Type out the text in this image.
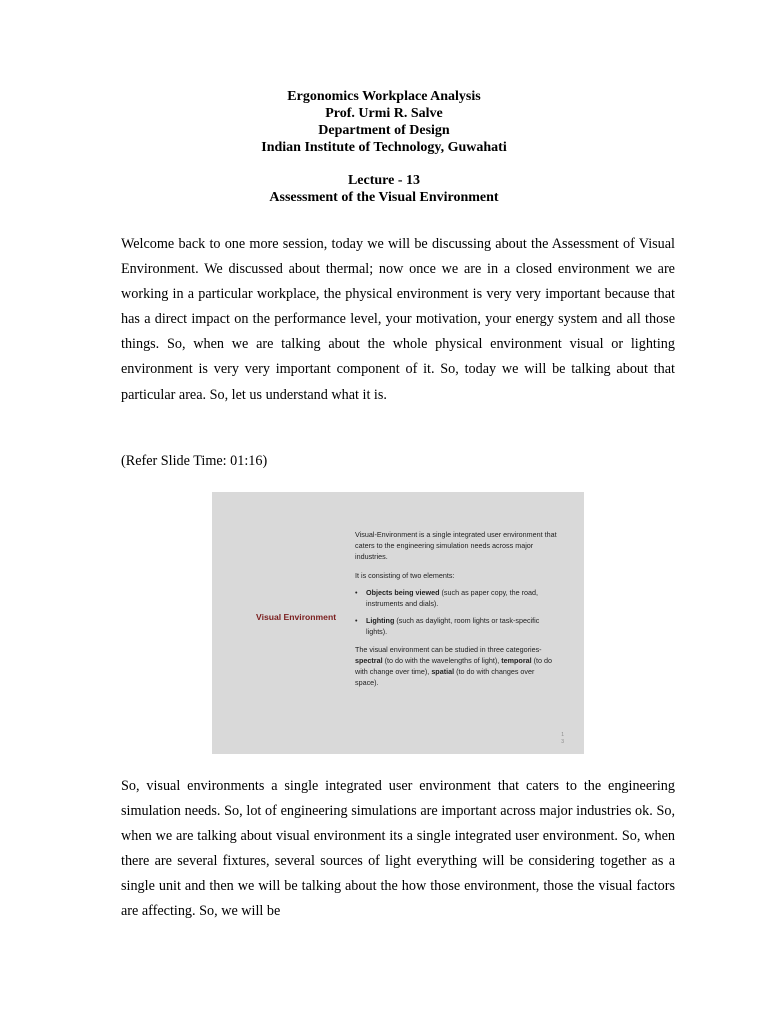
Ergonomics Workplace Analysis
Prof. Urmi R. Salve
Department of Design
Indian Institute of Technology, Guwahati
Lecture - 13
Assessment of the Visual Environment

Welcome back to one more session, today we will be discussing about the Assessment of Visual Environment. We discussed about thermal; now once we are in a closed environment we are working in a particular workplace, the physical environment is very very important because that has a direct impact on the performance level, your motivation, your energy system and all those things. So, when we are talking about the whole physical environment visual or lighting environment is very very important component of it. So, today we will be talking about that particular area. So, let us understand what it is.

(Refer Slide Time: 01:16)
Visual Environment

Visual-Environment is a single integrated user environment that caters to the engineering simulation needs across major industries.

It is consisting of two elements:

• Objects being viewed (such as paper copy, the road, instruments and dials).
• Lighting (such as daylight, room lights or task-specific lights).

The visual environment can be studied in three categories- spectral (to do with the wavelengths of light), temporal (to do with change over time), spatial (to do with changes over space).

1
3

So, visual environments a single integrated user environment that caters to the engineering simulation needs. So, lot of engineering simulations are important across major industries ok. So, when we are talking about visual environment its a single integrated user environment. So, when there are several fixtures, several sources of light everything will be considering together as a single unit and then we will be talking about the how those environment, those the visual factors are affecting. So, we will be
